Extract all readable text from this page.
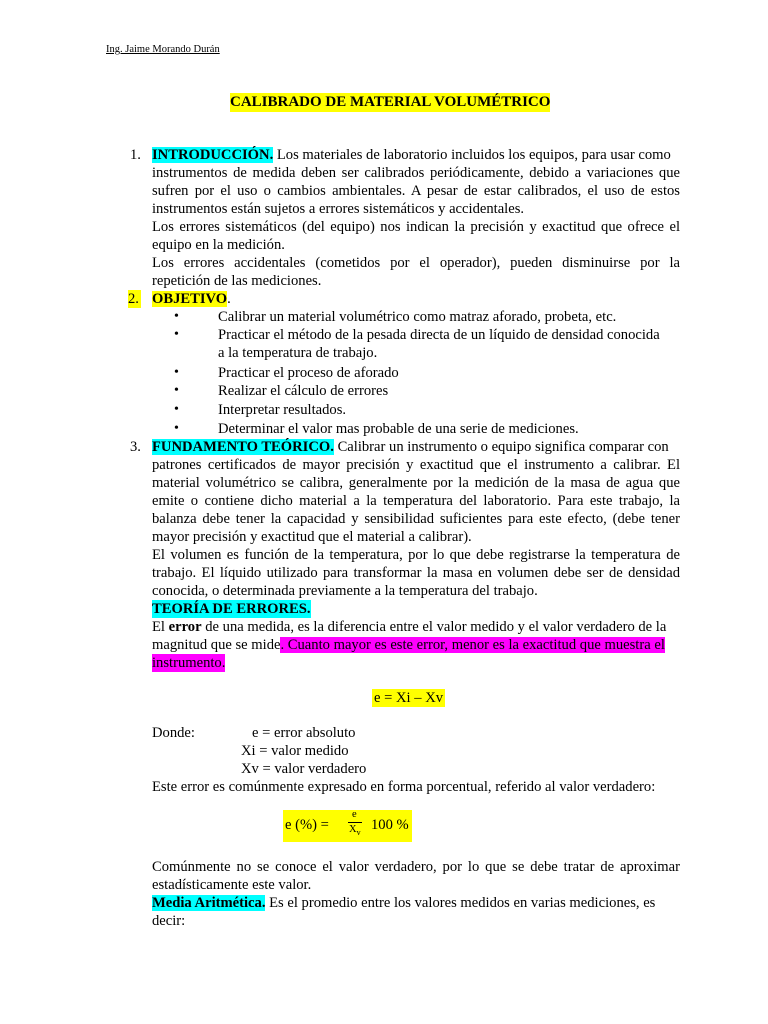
Ing. Jaime Morando Durán
CALIBRADO DE MATERIAL VOLUMÉTRICO
1. INTRODUCCIÓN. Los materiales de laboratorio incluidos los equipos, para usar como
instrumentos de medida deben ser calibrados periódicamente, debido a variaciones que
sufren por el uso o cambios ambientales. A pesar de estar calibrados, el uso de estos
instrumentos están sujetos a errores sistemáticos y accidentales.
Los errores sistemáticos (del equipo) nos indican la precisión y exactitud que ofrece el
equipo en la medición.
Los errores accidentales (cometidos por el operador), pueden disminuirse por la
repetición de las mediciones.
2. OBJETIVO.
•	Calibrar un material volumétrico como matraz aforado, probeta, etc.
•	Practicar el método de la pesada directa de un líquido de densidad conocida
a la temperatura de trabajo.
•	Practicar el proceso de aforado
•	Realizar el cálculo de errores
•	Interpretar resultados.
•	Determinar el valor mas probable de una serie de mediciones.
3. FUNDAMENTO TEÓRICO. Calibrar un instrumento o equipo significa comparar con
patrones certificados de mayor precisión y exactitud que el instrumento a calibrar. El
material volumétrico se calibra, generalmente por la medición de la masa de agua que
emite o contiene dicho material a la temperatura del laboratorio. Para este trabajo, la
balanza debe tener la capacidad y sensibilidad suficientes para este efecto, (debe tener
mayor precisión y exactitud que el material a calibrar).
El volumen es función de la temperatura, por lo que debe registrarse la temperatura de
trabajo. El líquido utilizado para transformar la masa en volumen debe ser de densidad
conocida, o determinada previamente a la temperatura del trabajo.
TEORÍA DE ERRORES.
El error de una medida, es la diferencia entre el valor medido y el valor verdadero de la
magnitud que se mide. Cuanto mayor es este error, menor es la exactitud que muestra el
instrumento.
e = Xi – Xv
Donde:	e = error absoluto
Xi = valor medido
Xv = valor verdadero
Este error es comúnmente expresado en forma porcentual, referido al valor verdadero:
e (%) =
e
$X_v$ 100 %
Comúnmente no se conoce el valor verdadero, por lo que se debe tratar de aproximar
estadísticamente este valor.
Media Aritmética. Es el promedio entre los valores medidos en varias mediciones, es
decir:
